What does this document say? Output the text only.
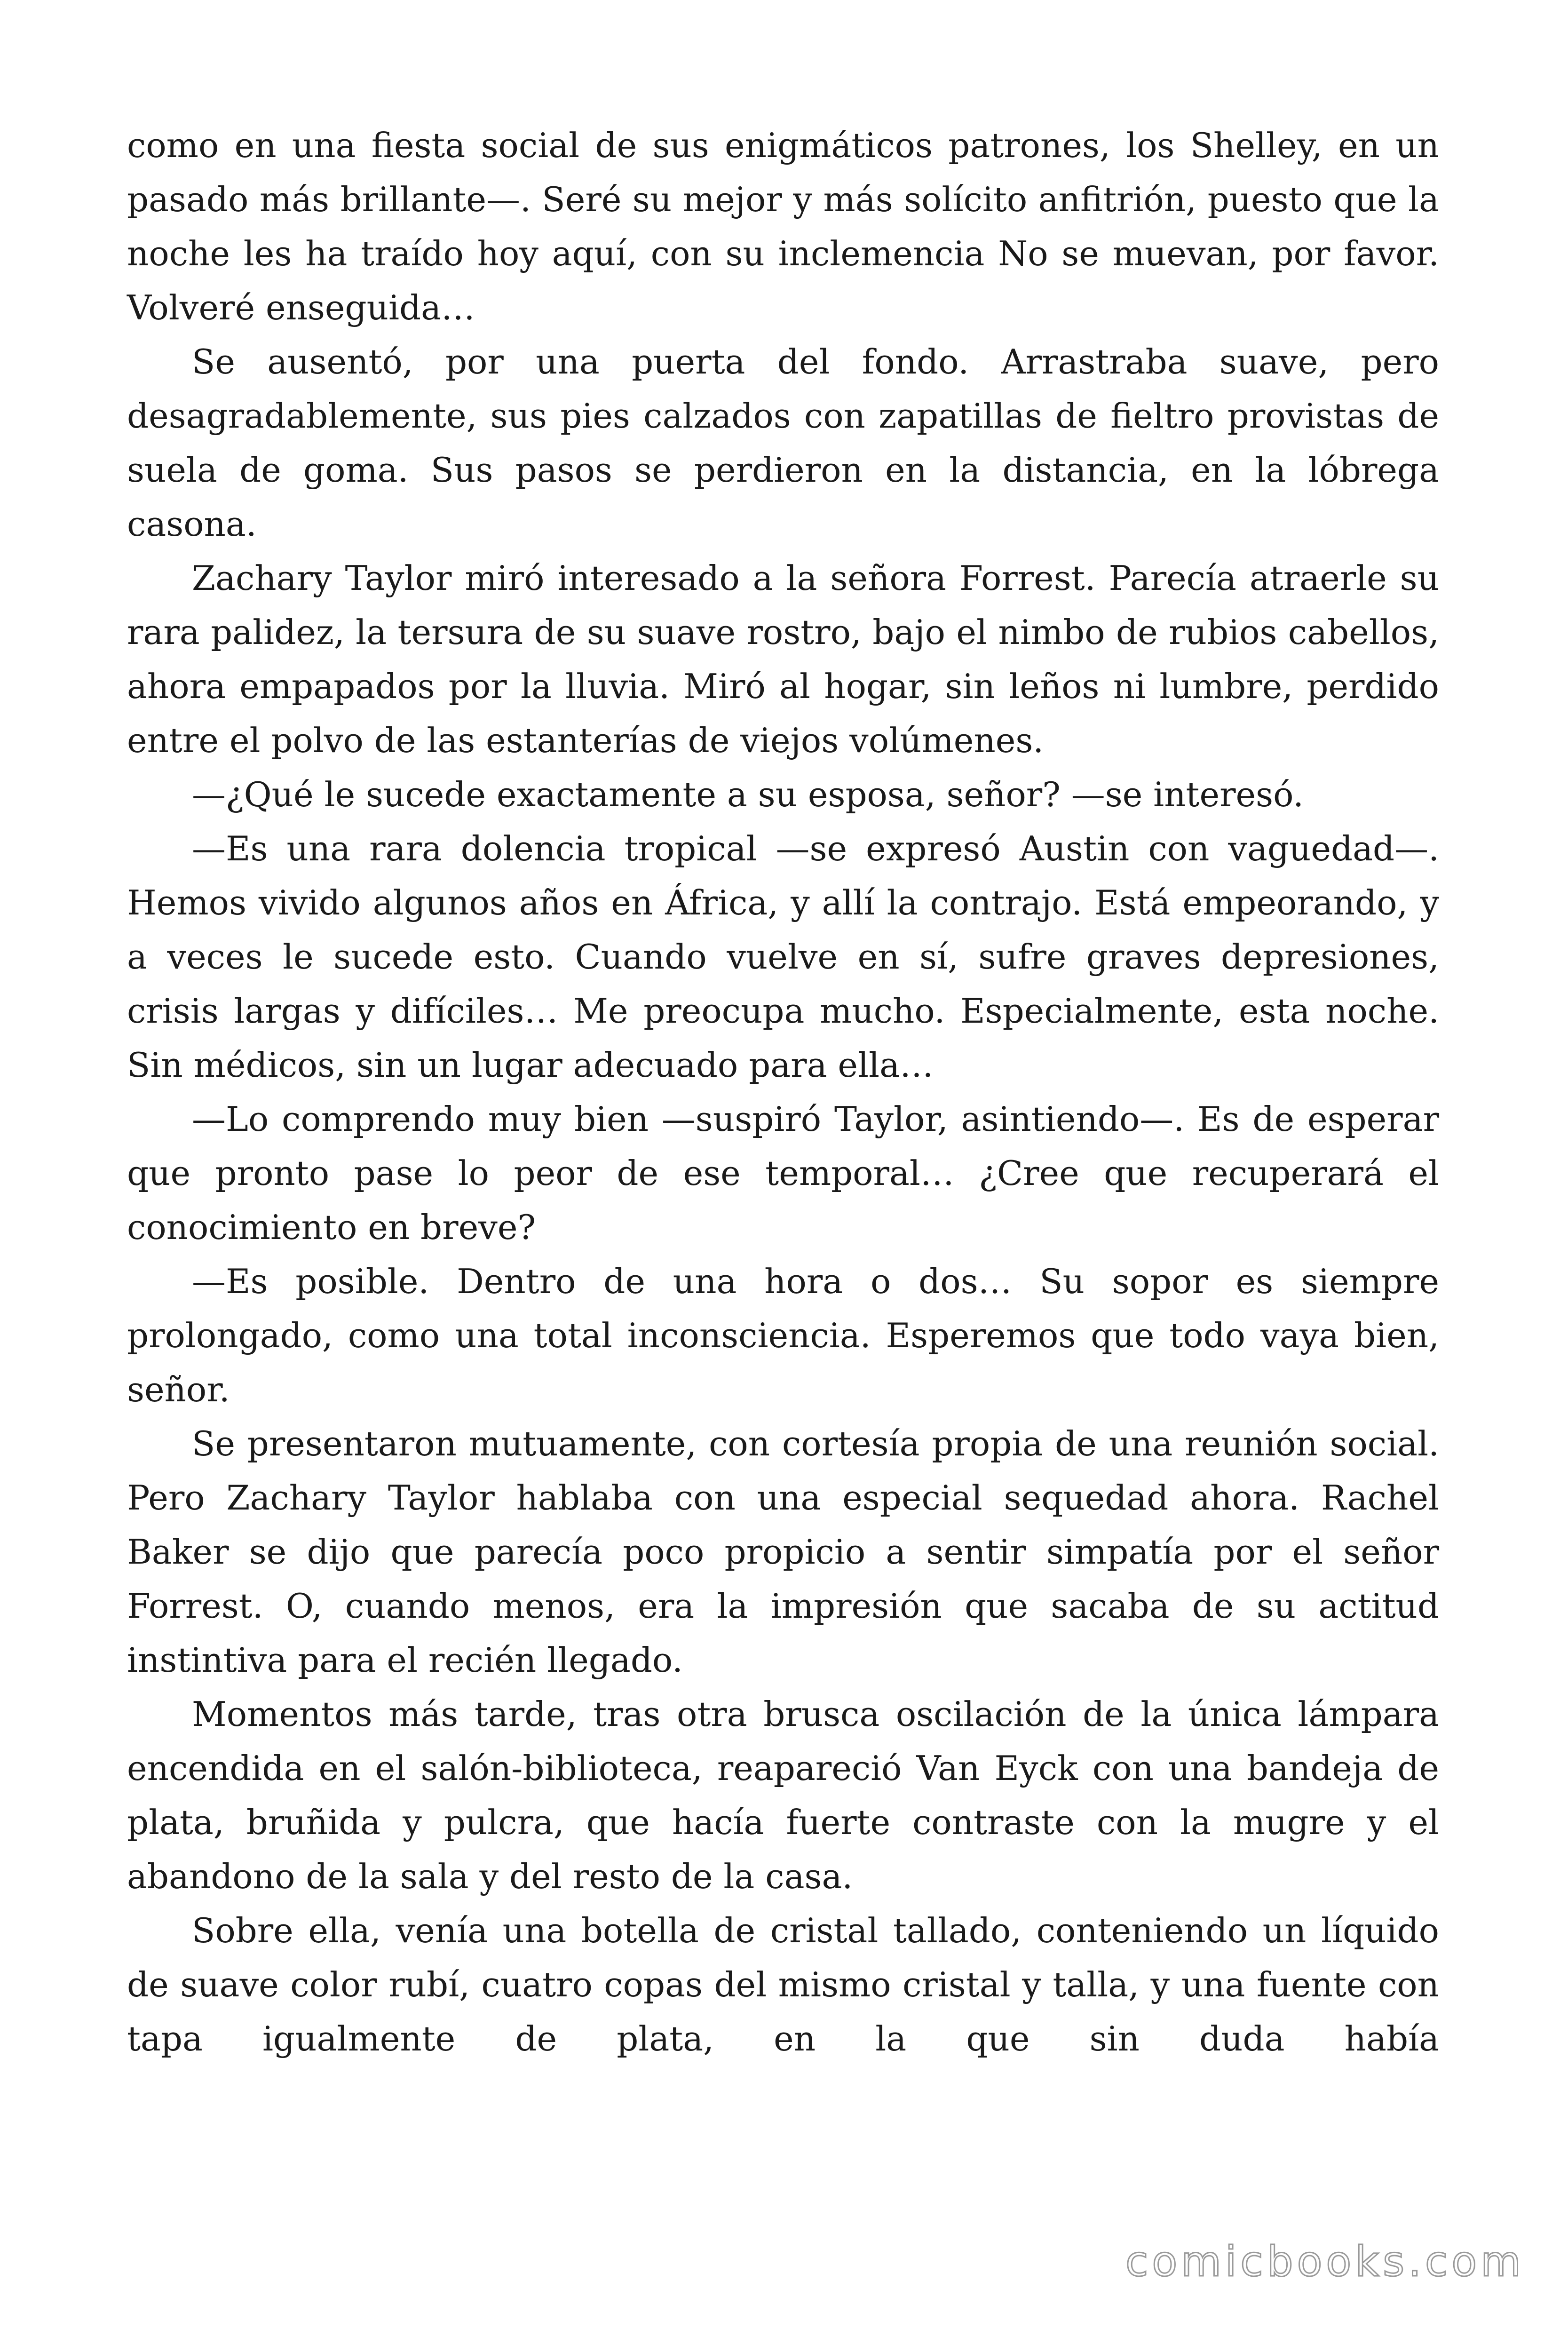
como en una fiesta social de sus enigmáticos patrones, los Shelley, en un pasado más brillante—. Seré su mejor y más solícito anfitrión, puesto que la noche les ha traído hoy aquí, con su inclemencia No se muevan, por favor. Volveré enseguida…

Se ausentó, por una puerta del fondo. Arrastraba suave, pero desagradablemente, sus pies calzados con zapatillas de fieltro provistas de suela de goma. Sus pasos se perdieron en la distancia, en la lóbrega casona.

Zachary Taylor miró interesado a la señora Forrest. Parecía atraerle su rara palidez, la tersura de su suave rostro, bajo el nimbo de rubios cabellos, ahora empapados por la lluvia. Miró al hogar, sin leños ni lumbre, perdido entre el polvo de las estanterías de viejos volúmenes.

—¿Qué le sucede exactamente a su esposa, señor? —se interesó.

—Es una rara dolencia tropical —se expresó Austin con vaguedad—. Hemos vivido algunos años en África, y allí la contrajo. Está empeorando, y a veces le sucede esto. Cuando vuelve en sí, sufre graves depresiones, crisis largas y difíciles… Me preocupa mucho. Especialmente, esta noche. Sin médicos, sin un lugar adecuado para ella…

—Lo comprendo muy bien —suspiró Taylor, asintiendo—. Es de esperar que pronto pase lo peor de ese temporal… ¿Cree que recuperará el conocimiento en breve?

—Es posible. Dentro de una hora o dos… Su sopor es siempre prolongado, como una total inconsciencia. Esperemos que todo vaya bien, señor.

Se presentaron mutuamente, con cortesía propia de una reunión social. Pero Zachary Taylor hablaba con una especial sequedad ahora. Rachel Baker se dijo que parecía poco propicio a sentir simpatía por el señor Forrest. O, cuando menos, era la impresión que sacaba de su actitud instintiva para el recién llegado.

Momentos más tarde, tras otra brusca oscilación de la única lámpara encendida en el salón-biblioteca, reapareció Van Eyck con una bandeja de plata, bruñida y pulcra, que hacía fuerte contraste con la mugre y el abandono de la sala y del resto de la casa.

Sobre ella, venía una botella de cristal tallado, conteniendo un líquido de suave color rubí, cuatro copas del mismo cristal y talla, y una fuente con tapa igualmente de plata, en la que sin duda había

comicbooks.com
